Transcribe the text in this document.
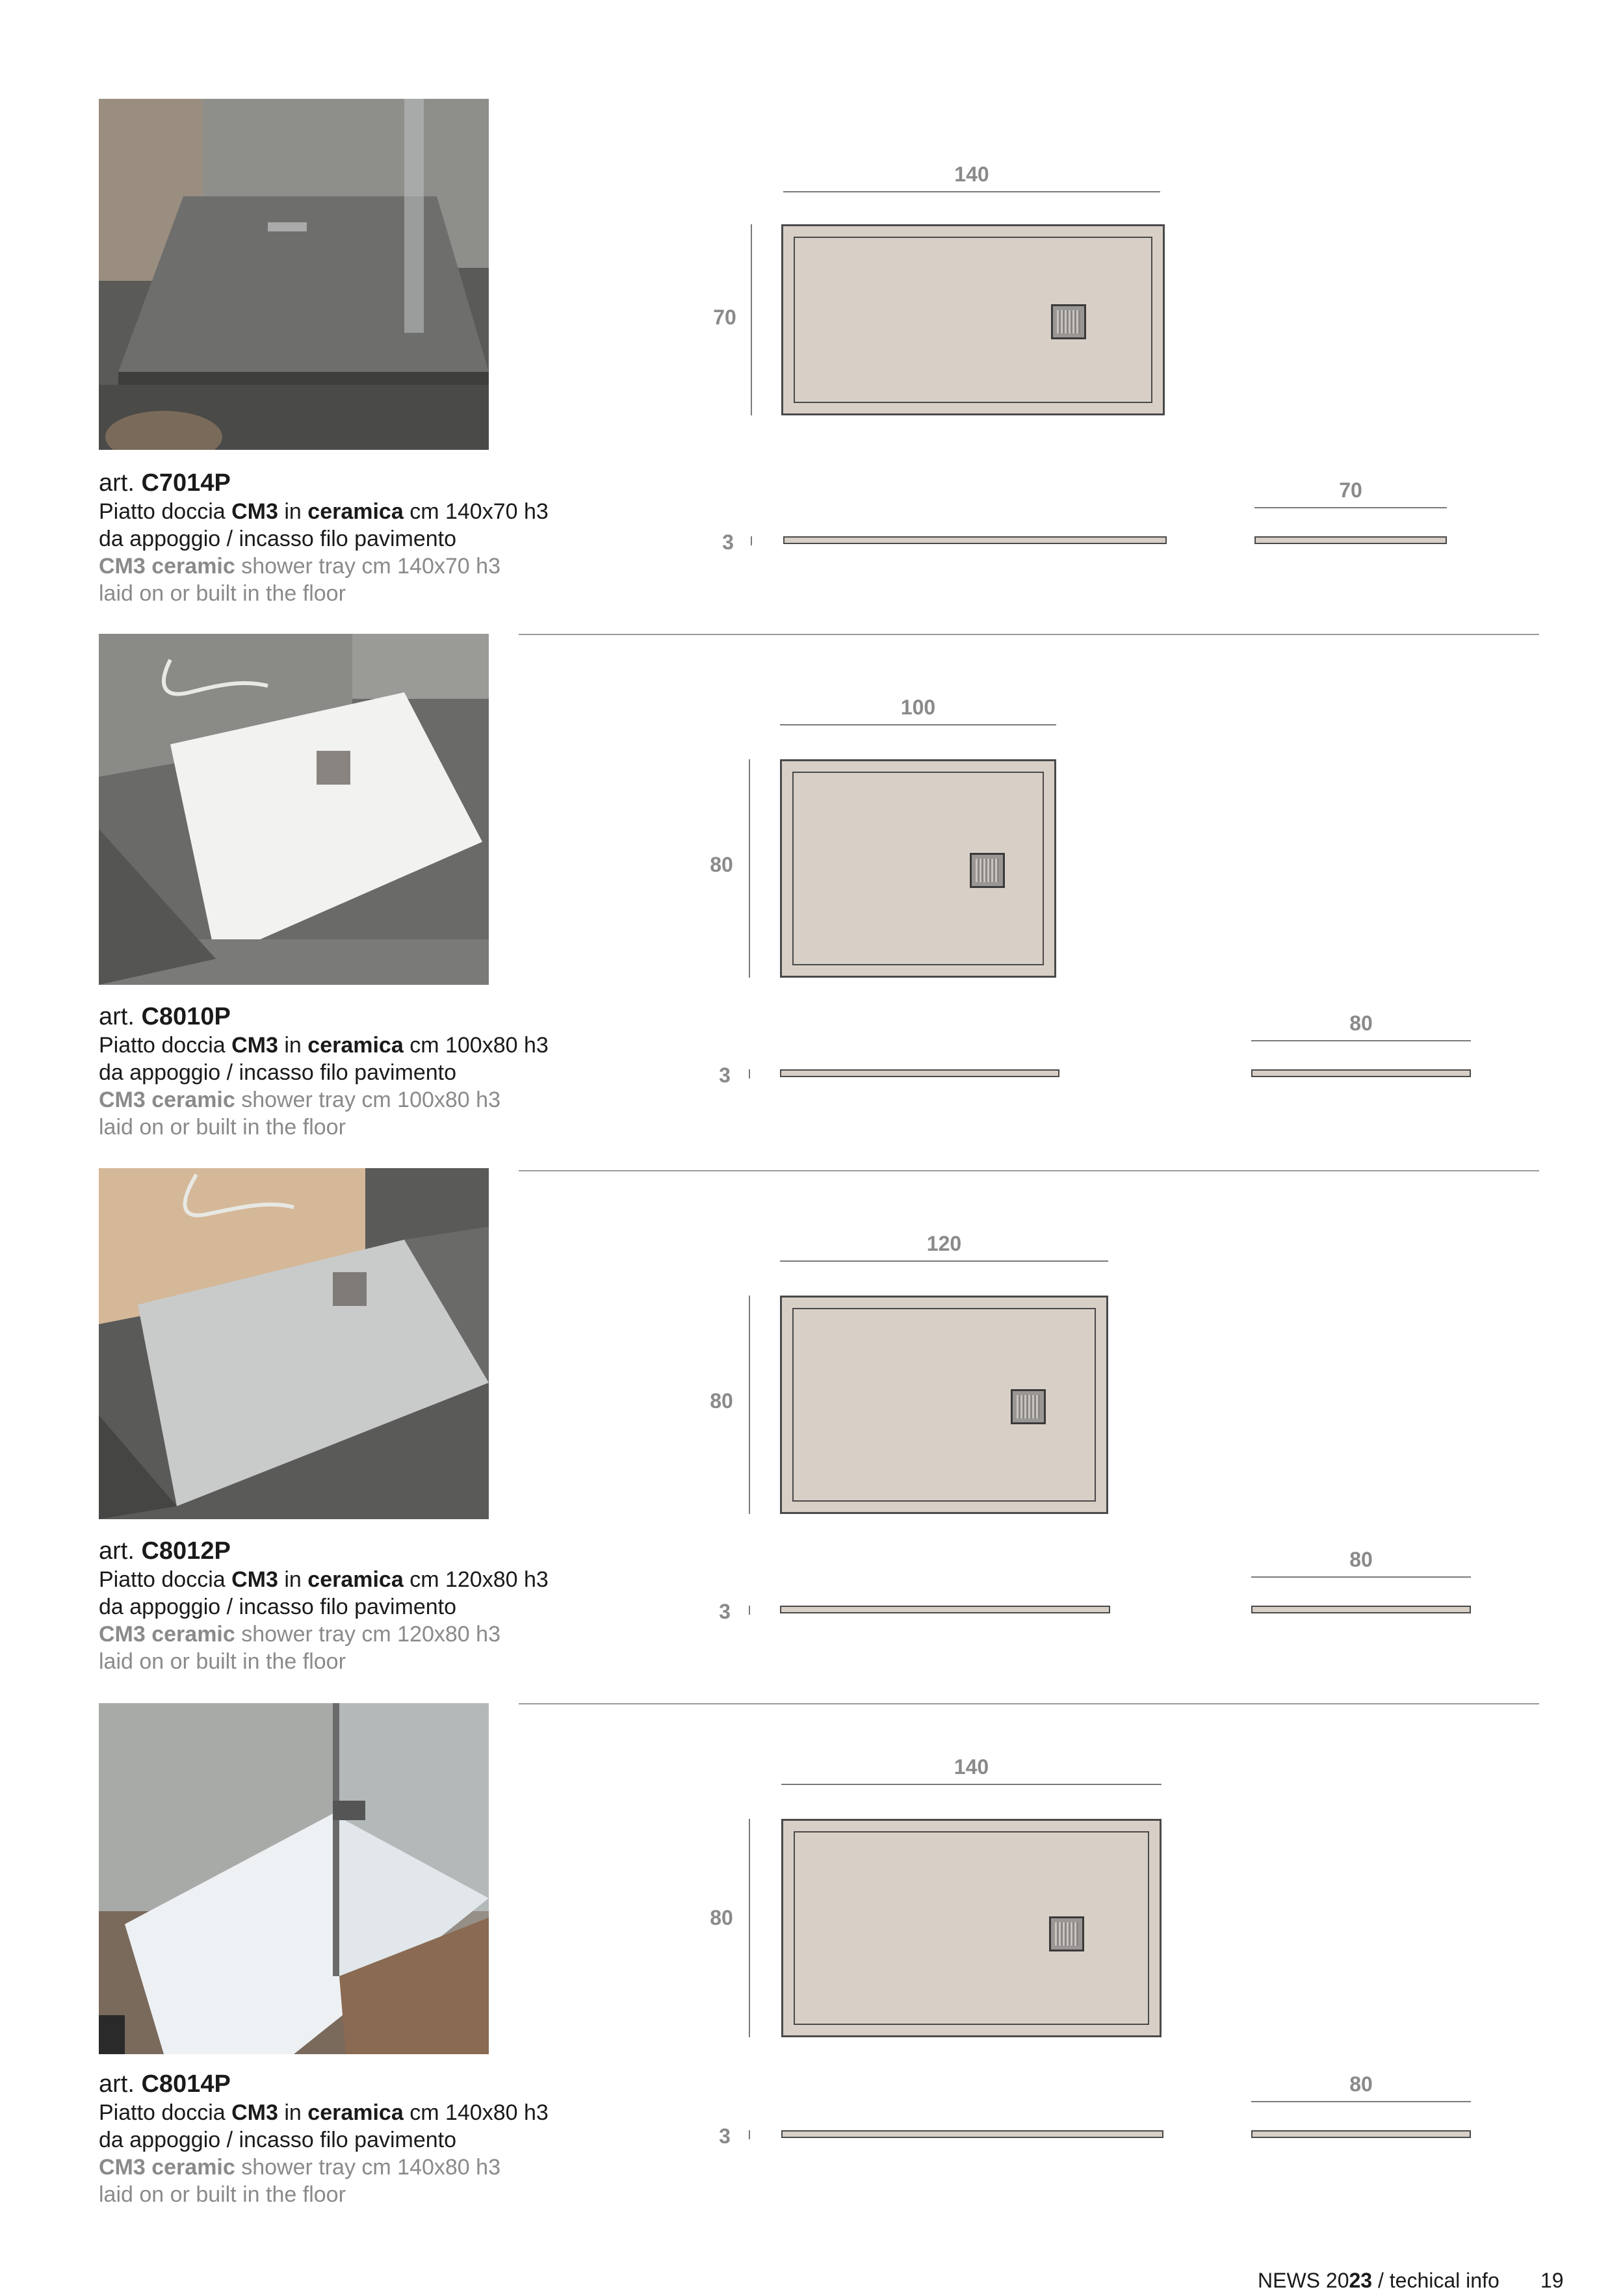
art. C7014P
Piatto doccia CM3 in ceramica cm 140x70 h3
da appoggio / incasso filo pavimento
CM3 ceramic shower tray cm 140x70 h3
laid on or built in the floor
140
70
3
70
art. C8010P
Piatto doccia CM3 in ceramica cm 100x80 h3
da appoggio / incasso filo pavimento
CM3 ceramic shower tray cm 100x80 h3
laid on or built in the floor
100
80
3
80
art. C8012P
Piatto doccia CM3 in ceramica cm 120x80 h3
da appoggio / incasso filo pavimento
CM3 ceramic shower tray cm 120x80 h3
laid on or built in the floor
120
80
3
80
art. C8014P
Piatto doccia CM3 in ceramica cm 140x80 h3
da appoggio / incasso filo pavimento
CM3 ceramic shower tray cm 140x80 h3
laid on or built in the floor
140
80
3
80
NEWS 2023 / techical info 19
